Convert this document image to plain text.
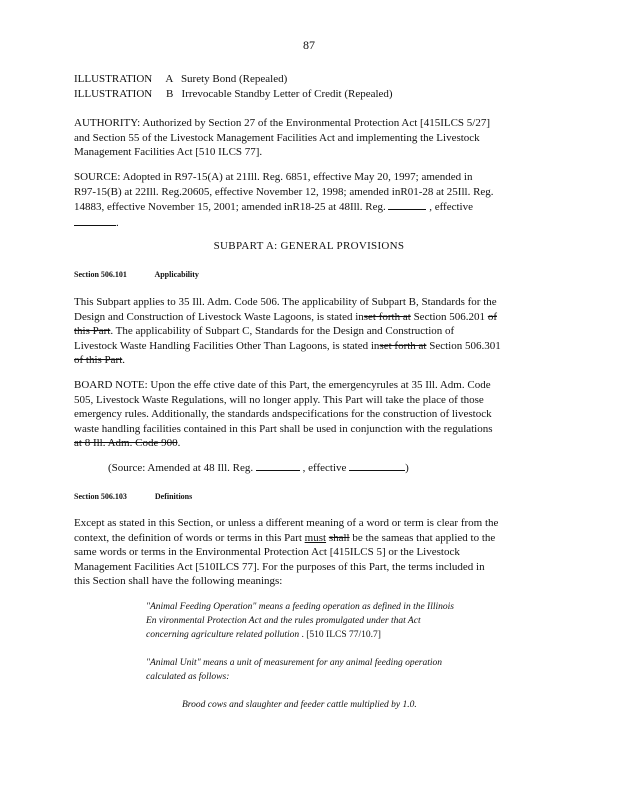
87
ILLUSTRATION     A   Surety Bond (Repealed)
ILLUSTRATION     B   Irrevocable Standby Letter of Credit (Repealed)
AUTHORITY: Authorized by Section 27 of the Environmental Protection Act [415ILCS 5/27]
and Section 55 of the Livestock Management Facilities Act and implementing the Livestock
Management Facilities Act [510 ILCS 77].
SOURCE: Adopted in R97-15(A) at 21Ill. Reg. 6851, effective May 20, 1997; amended in
R97-15(B) at 22Ill. Reg.20605, effective November 12, 1998; amended inR01-28 at 25Ill. Reg.
14883, effective November 15, 2001; amended inR18-25 at 48Ill. Reg.	, effective
.
SUBPART A: GENERAL PROVISIONS
Section 506.101	Applicability
This Subpart applies to 35 Ill. Adm. Code 506. The applicability of Subpart B, Standards for the
Design and Construction of Livestock Waste Lagoons, is stated inset forth at Section 506.201 of
this Part. The applicability of Subpart C, Standards for the Design and Construction of
Livestock Waste Handling Facilities Other Than Lagoons, is stated inset forth at Section 506.301
of this Part.
BOARD NOTE: Upon the effe ctive date of this Part, the emergencyrules at 35 Ill. Adm. Code
505, Livestock Waste Regulations, will no longer apply. This Part will take the place of those
emergency rules. Additionally, the standards andspecifications for the construction of livestock
waste handling facilities contained in this Part shall be used in conjunction with the regulations
at 8 Ill. Adm. Code 900.
(Source: Amended at 48 Ill. Reg.	, effective	)
Section 506.103	Definitions
Except as stated in this Section, or unless a different meaning of a word or term is clear from the
context, the definition of words or terms in this Part must shall be the sameas that applied to the
same words or terms in the Environmental Protection Act [415ILCS 5] or the Livestock
Management Facilities Act [510ILCS 77]. For the purposes of this Part, the terms included in
this Section shall have the following meanings:
"Animal Feeding Operation" means a feeding operation as defined in the Illinois
En vironmental Protection Act and the rules promulgated under that Act
concerning agriculture related pollution . [510 ILCS 77/10.7]
"Animal Unit" means a unit of measurement for any animal feeding operation
calculated as follows:
Brood cows and slaughter and feeder cattle multiplied by 1.0.
